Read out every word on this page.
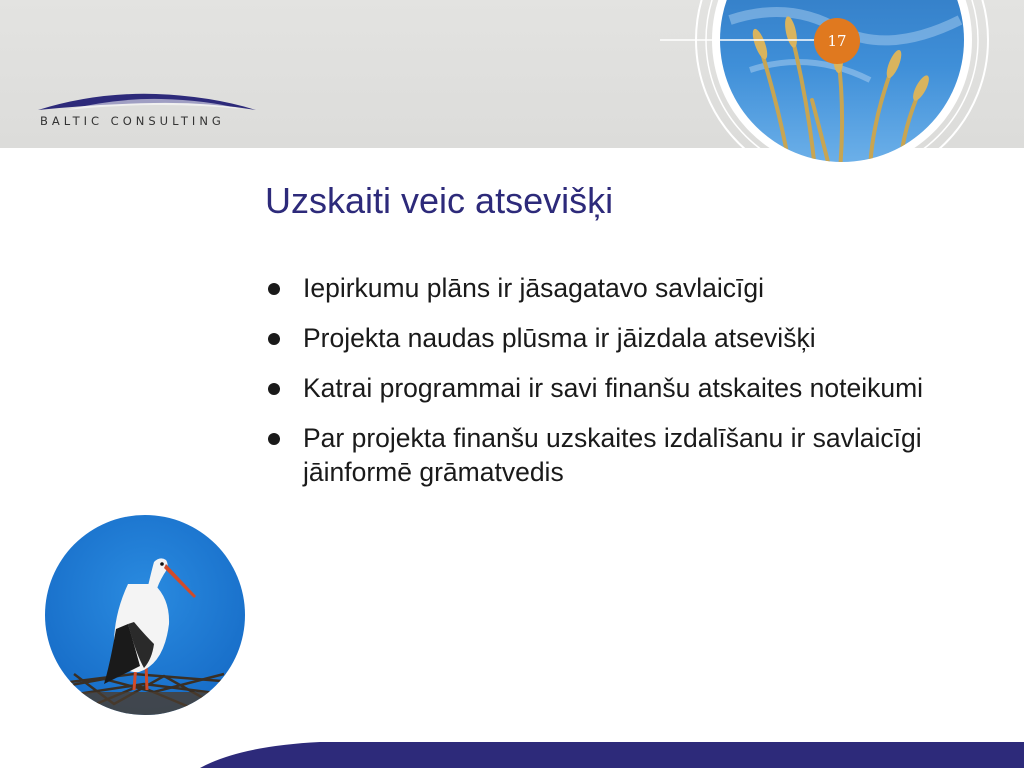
BALTIC CONSULTING
17
Uzskaiti veic atsevišķi
Iepirkumu plāns ir jāsagatavo savlaicīgi
Projekta naudas plūsma ir jāizdala atsevišķi
Katrai programmai ir savi finanšu atskaites noteikumi
Par projekta finanšu uzskaites izdalīšanu ir savlaicīgi jāinformē grāmatvedis
